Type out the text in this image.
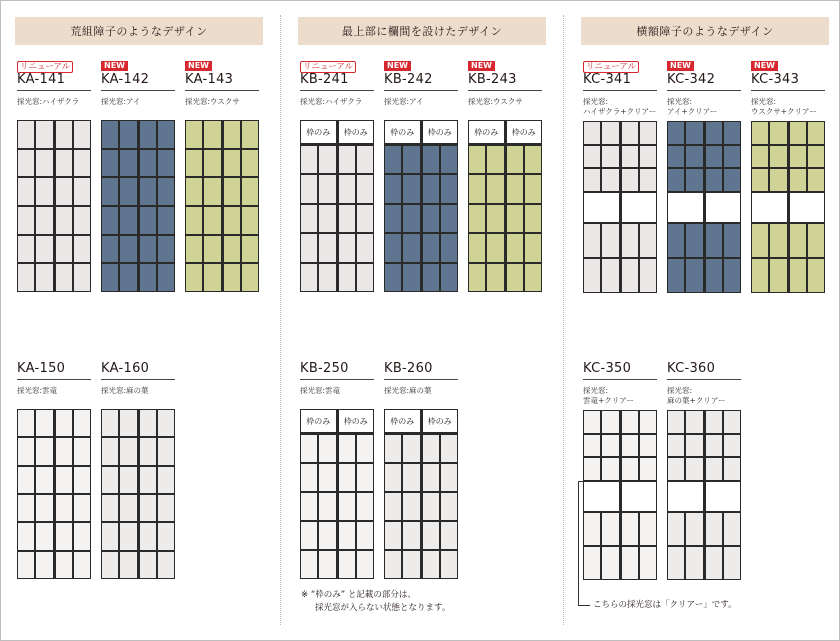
荒組障子のようなデザイン	最上部に欄間を設けたデザイン	横額障子のようなデザイン
リニューアル
KA-141
採光窓:ハイザクラ
NEW
KA-142
採光窓:アイ
NEW
KA-143
採光窓:ウスクサ
KA-150
採光窓:雲竜
KA-160
採光窓:麻の葉
リニューアル
KB-241
採光窓:ハイザクラ
枠のみ	枠のみ
NEW
KB-242
採光窓:アイ
枠のみ	枠のみ
NEW
KB-243
採光窓:ウスクサ
枠のみ	枠のみ
KB-250
採光窓:雲竜
枠のみ	枠のみ
KB-260
採光窓:麻の葉
枠のみ	枠のみ
リニューアル
KC-341
採光窓:
ハイザクラ+クリアー
NEW
KC-342
採光窓:
アイ+クリアー
NEW
KC-343
採光窓:
ウスクサ+クリアー
KC-350
採光窓:
雲竜+クリアー
KC-360
採光窓:
麻の葉+クリアー
※ “枠のみ” と記載の部分は、
採光窓が入らない状態となります。	こちらの採光窓は「クリアー」です。
